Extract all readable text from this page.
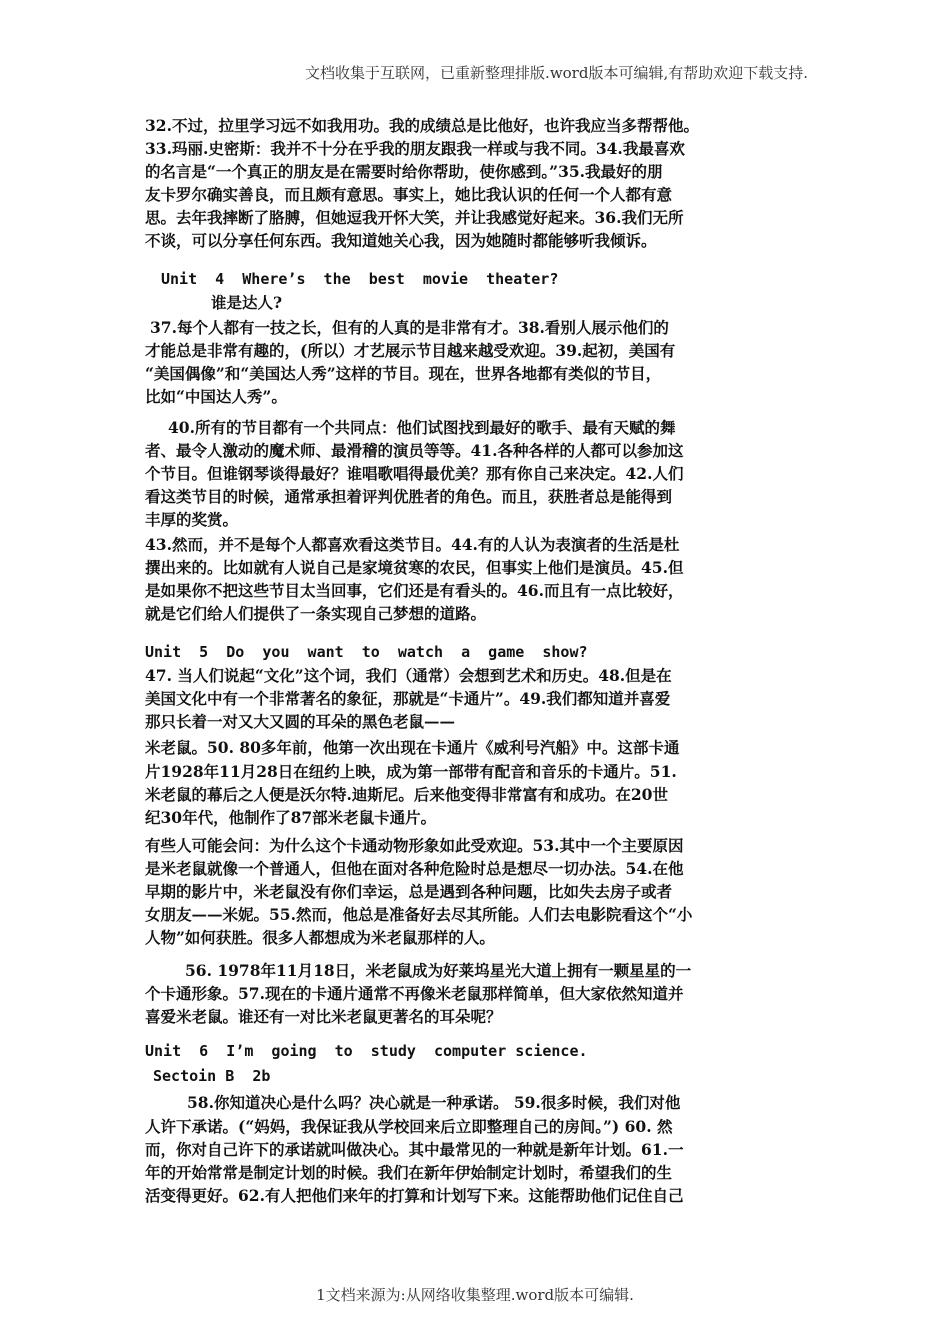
文档收集于互联网，已重新整理排版.word版本可编辑,有帮助欢迎下载支持.
32.不过，拉里学习远不如我用功。我的成绩总是比他好，也许我应当多帮帮他。
33.玛丽.史密斯：我并不十分在乎我的朋友跟我一样或与我不同。34.我最喜欢
的名言是“一个真正的朋友是在需要时给你帮助，使你感到。”35.我最好的朋
友卡罗尔确实善良，而且颇有意思。事实上，她比我认识的任何一个人都有意
思。去年我摔断了胳膊，但她逗我开怀大笑，并让我感觉好起来。36.我们无所
不谈，可以分享任何东西。我知道她关心我，因为她随时都能够听我倾诉。
Unit  4  Where’s  the  best  movie  theater?
谁是达人?
37.每个人都有一技之长，但有的人真的是非常有才。38.看别人展示他们的
才能总是非常有趣的，(所以）才艺展示节目越来越受欢迎。39.起初，美国有
“美国偶像”和“美国达人秀”这样的节目。现在，世界各地都有类似的节目，
比如“中国达人秀”。
40.所有的节目都有一个共同点：他们试图找到最好的歌手、最有天赋的舞
者、最令人激动的魔术师、最滑稽的演员等等。41.各种各样的人都可以参加这
个节目。但谁钢琴谈得最好？谁唱歌唱得最优美？那有你自己来决定。42.人们
看这类节目的时候，通常承担着评判优胜者的角色。而且，获胜者总是能得到
丰厚的奖赏。
43.然而，并不是每个人都喜欢看这类节目。44.有的人认为表演者的生活是杜
撰出来的。比如就有人说自己是家境贫寒的农民，但事实上他们是演员。45.但
是如果你不把这些节目太当回事，它们还是有看头的。46.而且有一点比较好，
就是它们给人们提供了一条实现自己梦想的道路。
Unit  5  Do  you  want  to  watch  a  game  show?
47. 当人们说起“文化”这个词，我们（通常）会想到艺术和历史。48.但是在
美国文化中有一个非常著名的象征，那就是“卡通片”。49.我们都知道并喜爱
那只长着一对又大又圆的耳朵的黑色老鼠——
米老鼠。50. 80多年前，他第一次出现在卡通片《威利号汽船》中。这部卡通
片1928年11月28日在纽约上映，成为第一部带有配音和音乐的卡通片。51.
米老鼠的幕后之人便是沃尔特.迪斯尼。后来他变得非常富有和成功。在20世
纪30年代，他制作了87部米老鼠卡通片。
有些人可能会问：为什么这个卡通动物形象如此受欢迎。53.其中一个主要原因
是米老鼠就像一个普通人，但他在面对各种危险时总是想尽一切办法。54.在他
早期的影片中，米老鼠没有你们幸运，总是遇到各种问题，比如失去房子或者
女朋友——米妮。55.然而，他总是准备好去尽其所能。人们去电影院看这个“小
人物”如何获胜。很多人都想成为米老鼠那样的人。
56. 1978年11月18日，米老鼠成为好莱坞星光大道上拥有一颗星星的一
个卡通形象。57.现在的卡通片通常不再像米老鼠那样简单，但大家依然知道并
喜爱米老鼠。谁还有一对比米老鼠更著名的耳朵呢？
Unit  6  I’m  going  to  study  computer science.
Sectoin B  2b
58.你知道决心是什么吗？决心就是一种承诺。 59.很多时候，我们对他
人许下承诺。(“妈妈，我保证我从学校回来后立即整理自己的房间。”) 60. 然
而，你对自己许下的承诺就叫做决心。其中最常见的一种就是新年计划。61.一
年的开始常常是制定计划的时候。我们在新年伊始制定计划时，希望我们的生
活变得更好。62.有人把他们来年的打算和计划写下来。这能帮助他们记住自己
1文档来源为:从网络收集整理.word版本可编辑.
